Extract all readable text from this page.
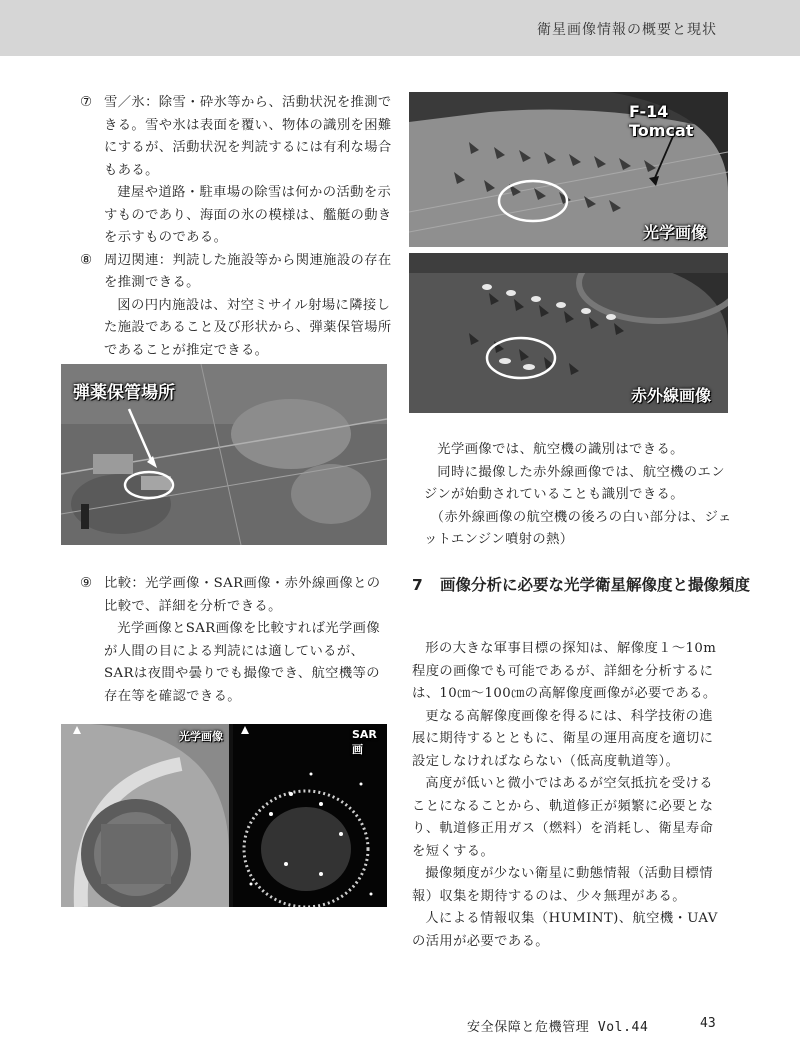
衛星画像情報の概要と現状

⑦ 雪／氷：除雪・砕氷等から、活動状況を推測できる。雪や氷は表面を覆い、物体の識別を困難にするが、活動状況を判読するには有利な場合もある。

建屋や道路・駐車場の除雪は何かの活動を示すものであり、海面の氷の模様は、艦艇の動きを示すものである。

⑧ 周辺関連：判読した施設等から関連施設の存在を推測できる。

図の円内施設は、対空ミサイル射場に隣接した施設であること及び形状から、弾薬保管場所であることが推定できる。

弾薬保管場所

⑨ 比較：光学画像・SAR画像・赤外線画像との比較で、詳細を分析できる。

光学画像とSAR画像を比較すれば光学画像が人間の目による判読には適しているが、SARは夜間や曇りでも撮像でき、航空機等の存在等を確認できる。

光学画像	SAR画
F-14 Tomcat
光学画像
赤外線画像

光学画像では、航空機の識別はできる。

同時に撮像した赤外線画像では、航空機のエンジンが始動されていることも識別できる。

（赤外線画像の航空機の後ろの白い部分は、ジェットエンジン噴射の熱）

7 画像分析に必要な光学衛星解像度と撮像頻度

形の大きな軍事目標の探知は、解像度１～10m程度の画像でも可能であるが、詳細を分析するには、10㎝～100㎝の高解像度画像が必要である。

更なる高解像度画像を得るには、科学技術の進展に期待するとともに、衛星の運用高度を適切に設定しなければならない（低高度軌道等）。

高度が低いと微小ではあるが空気抵抗を受けることになることから、軌道修正が頻繁に必要となり、軌道修正用ガス（燃料）を消耗し、衛星寿命を短くする。

撮像頻度が少ない衛星に動態情報（活動目標情報）収集を期待するのは、少々無理がある。

人による情報収集（HUMINT)、航空機・UAVの活用が必要である。

安全保障と危機管理 Vol.44	43
